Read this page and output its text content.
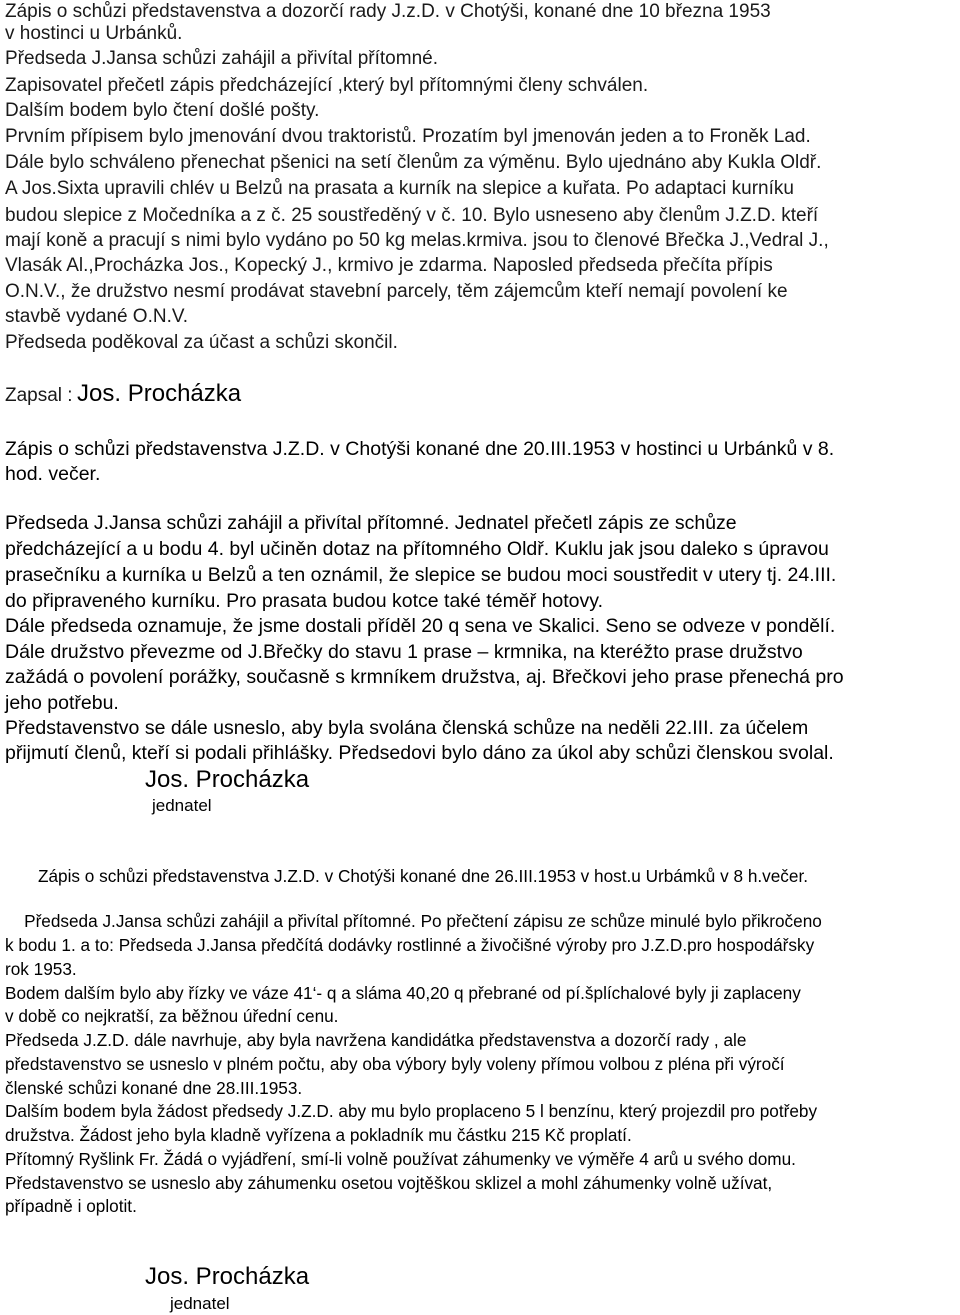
Zápis o schůzi představenstva a dozorčí rady J.z.D. v Chotýši, konané dne 10 března 1953
v hostinci u Urbánků.
Předseda J.Jansa schůzi zahájil a přivítal přítomné.
Zapisovatel přečetl zápis předcházející ,který byl přítomnými členy schválen.
Dalším bodem bylo čtení došlé pošty.
Prvním přípisem bylo jmenování dvou traktoristů. Prozatím byl jmenován jeden a to Froněk Lad.
Dále bylo schváleno přenechat pšenici na setí členům za výměnu. Bylo ujednáno aby Kukla Oldř.
A Jos.Sixta upravili chlév u Belzů na prasata a kurník na slepice a kuřata. Po adaptaci kurníku
budou slepice z Močedníka a z č. 25 soustředěný v č. 10. Bylo usneseno aby členům J.Z.D. kteří
mají koně a pracují s nimi bylo vydáno po 50 kg melas.krmiva. jsou to členové Břečka J.,Vedral J.,
Vlasák Al.,Procházka Jos., Kopecký J., krmivo je zdarma. Naposled předseda přečíta přípis
O.N.V., že družstvo nesmí prodávat stavební parcely, těm zájemcům kteří nemají povolení ke
stavbě vydané O.N.V.
Předseda poděkoval za účast a schůzi skončil.
Zapsal : Jos. Procházka
Zápis o schůzi představenstva J.Z.D. v Chotýši konané dne 20.III.1953 v hostinci u Urbánků v 8.
hod. večer.
Předseda J.Jansa schůzi zahájil a přivítal přítomné. Jednatel přečetl zápis ze schůze
předcházející a u bodu 4. byl učiněn dotaz na přítomného Oldř. Kuklu jak jsou daleko s úpravou
prasečníku a kurníka u Belzů a ten oznámil, že slepice se budou moci soustředit v utery tj. 24.III.
do připraveného kurníku. Pro prasata budou kotce také téměř hotovy.
Dále předseda oznamuje, že jsme dostali příděl 20 q sena ve Skalici. Seno se odveze v pondělí.
Dále družstvo převezme od J.Břečky do stavu 1 prase – krmnika, na kteréžto prase družstvo
zažádá o povolení porážky, současně s krmníkem družstva, aj. Břečkovi jeho prase přenechá pro
jeho potřebu.
Představenstvo se dále usneslo, aby byla svolána členská schůze na neděli 22.III. za účelem
přijmutí členů, kteří si podali přihlášky. Předsedovi bylo dáno za úkol aby schůzi členskou svolal.
Jos. Procházka
jednatel
Zápis o schůzi představenstva J.Z.D. v Chotýši konané dne 26.III.1953 v host.u Urbámků v 8 h.večer.
Předseda J.Jansa schůzi zahájil a přivítal přítomné. Po přečtení zápisu ze schůze minulé bylo přikročeno
k bodu 1. a to: Předseda J.Jansa předčítá dodávky rostlinné a živočišné výroby pro J.Z.D.pro hospodářsky
rok 1953.
Bodem dalším bylo aby řízky ve váze 41‘- q a sláma 40,20 q přebrané od pí.šplíchalové byly ji zaplaceny
v době co nejkratší, za běžnou úřední cenu.
Předseda J.Z.D. dále navrhuje, aby byla navržena kandidátka představenstva a dozorčí rady , ale
představenstvo se usneslo v plném počtu, aby oba výbory byly voleny přímou volbou z pléna při výročí
členské schůzi konané dne 28.III.1953.
Dalším bodem byla žádost předsedy J.Z.D. aby mu bylo proplaceno 5 l benzínu, který projezdil pro potřeby
družstva. Žádost jeho byla kladně vyřízena a pokladník mu částku 215 Kč proplatí.
Přítomný Ryšlink Fr. Žádá o vyjádření, smí-li volně používat záhumenky ve výměře 4 arů u svého domu.
Představenstvo se usneslo aby záhumenku osetou vojtěškou sklizel a mohl záhumenky volně užívat,
případně i oplotit.
Jos. Procházka
jednatel
